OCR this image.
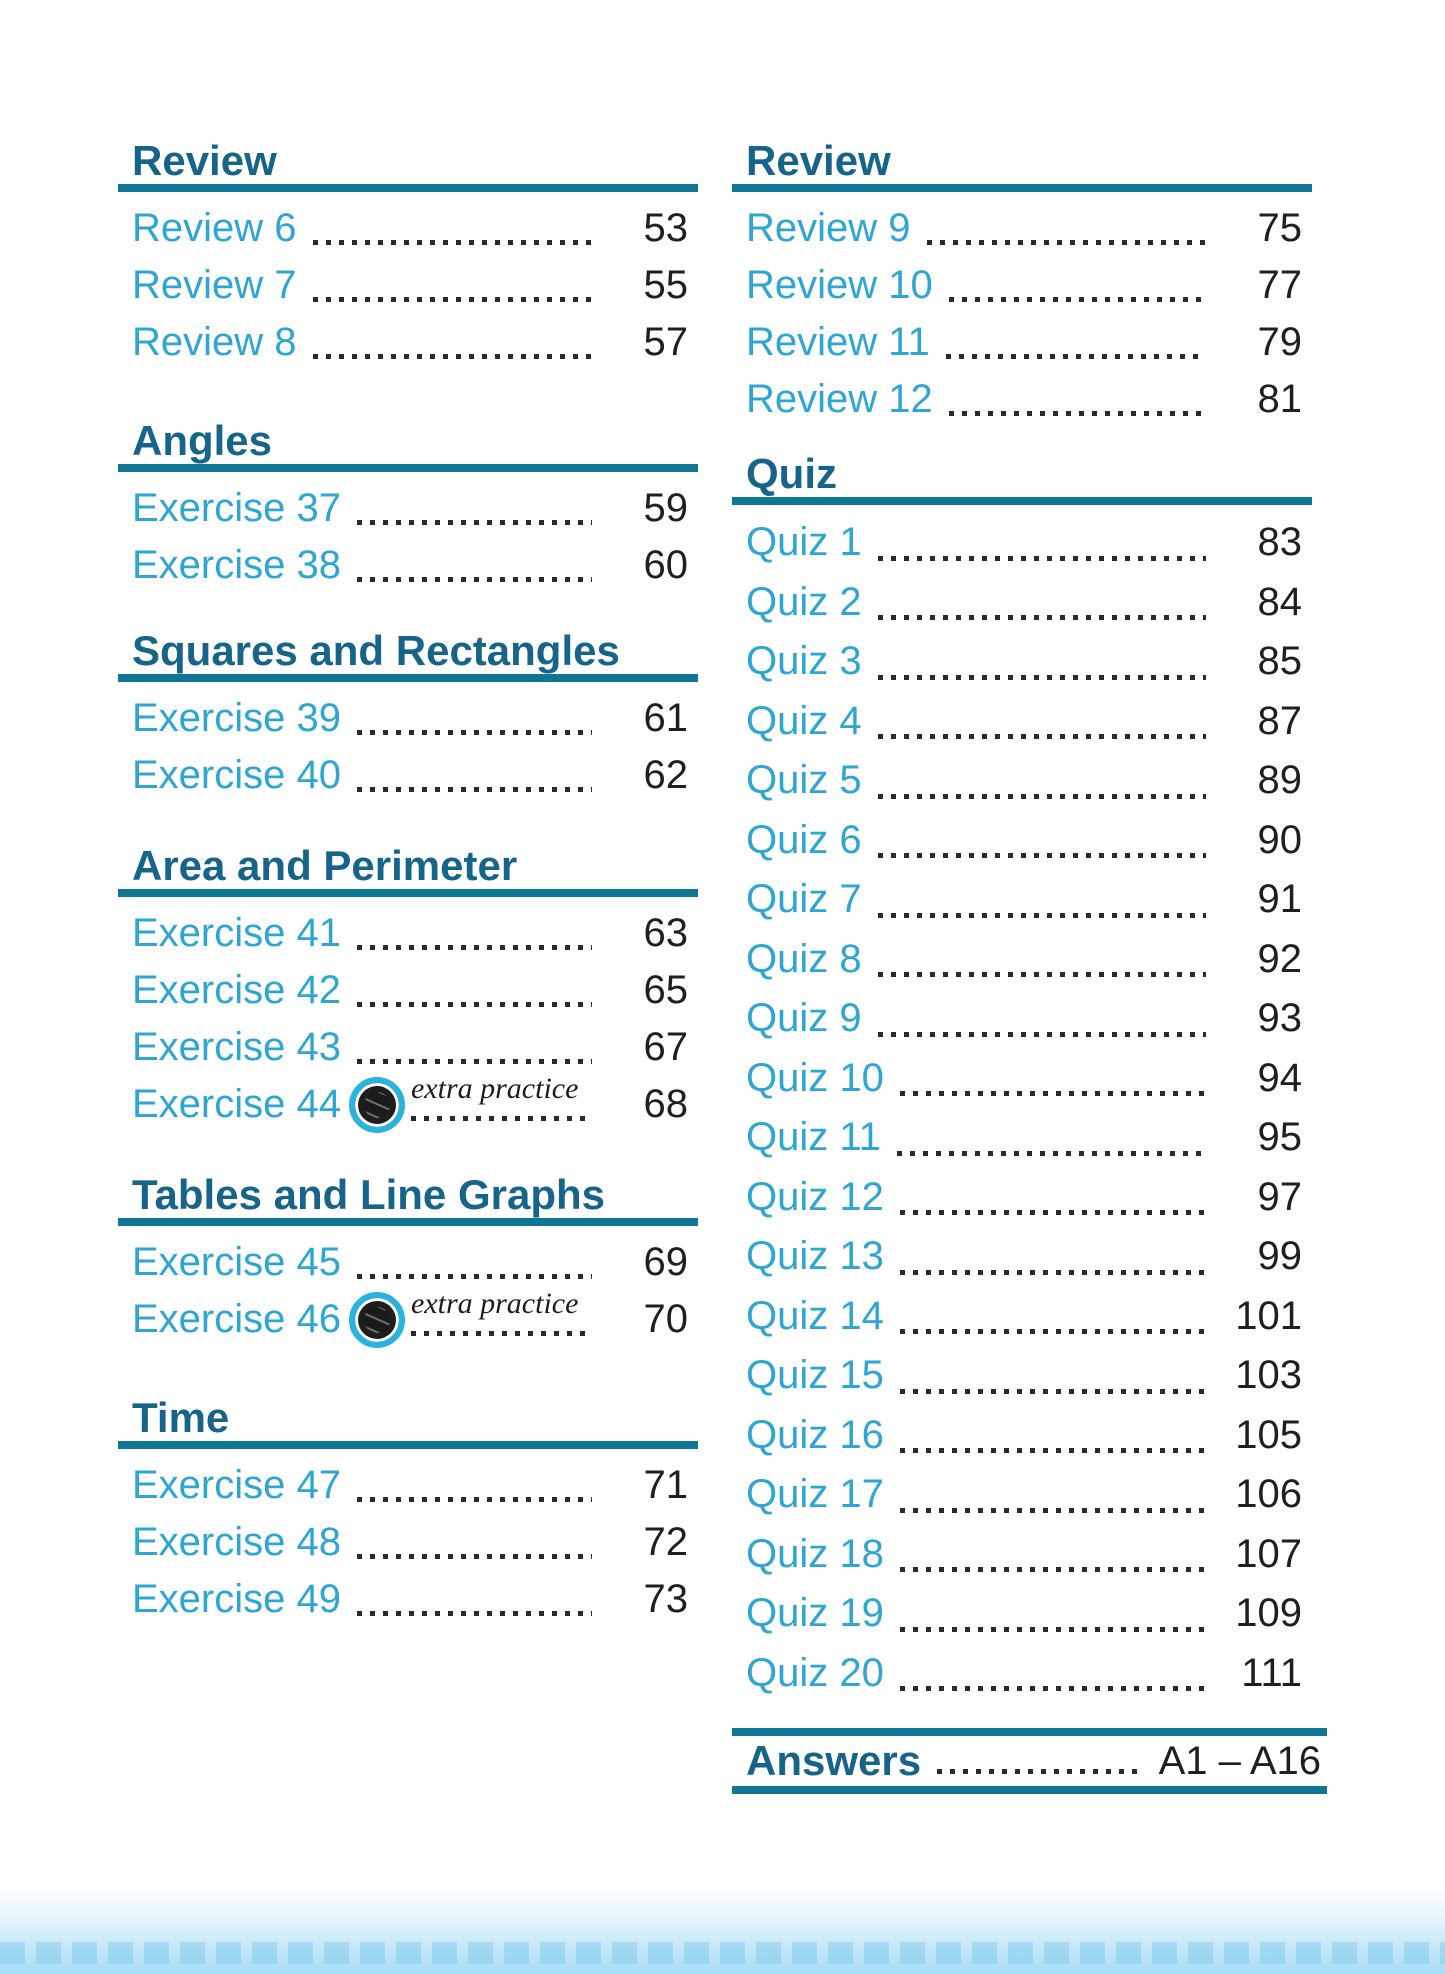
Review
Review 6	53
Review 7	55
Review 8	57
Angles
Exercise 37	59
Exercise 38	60
Squares and Rectangles
Exercise 39	61
Exercise 40	62
Area and Perimeter
Exercise 41	63
Exercise 42	65
Exercise 43	67
Exercise 44 extra practice	68
Tables and Line Graphs
Exercise 45	69
Exercise 46 extra practice	70
Time
Exercise 47	71
Exercise 48	72
Exercise 49	73
Review
Review 9	75
Review 10	77
Review 11	79
Review 12	81
Quiz
Quiz 1	83
Quiz 2	84
Quiz 3	85
Quiz 4	87
Quiz 5	89
Quiz 6	90
Quiz 7	91
Quiz 8	92
Quiz 9	93
Quiz 10	94
Quiz 11	95
Quiz 12	97
Quiz 13	99
Quiz 14	101
Quiz 15	103
Quiz 16	105
Quiz 17	106
Quiz 18	107
Quiz 19	109
Quiz 20	111
Answers	A1 – A16
